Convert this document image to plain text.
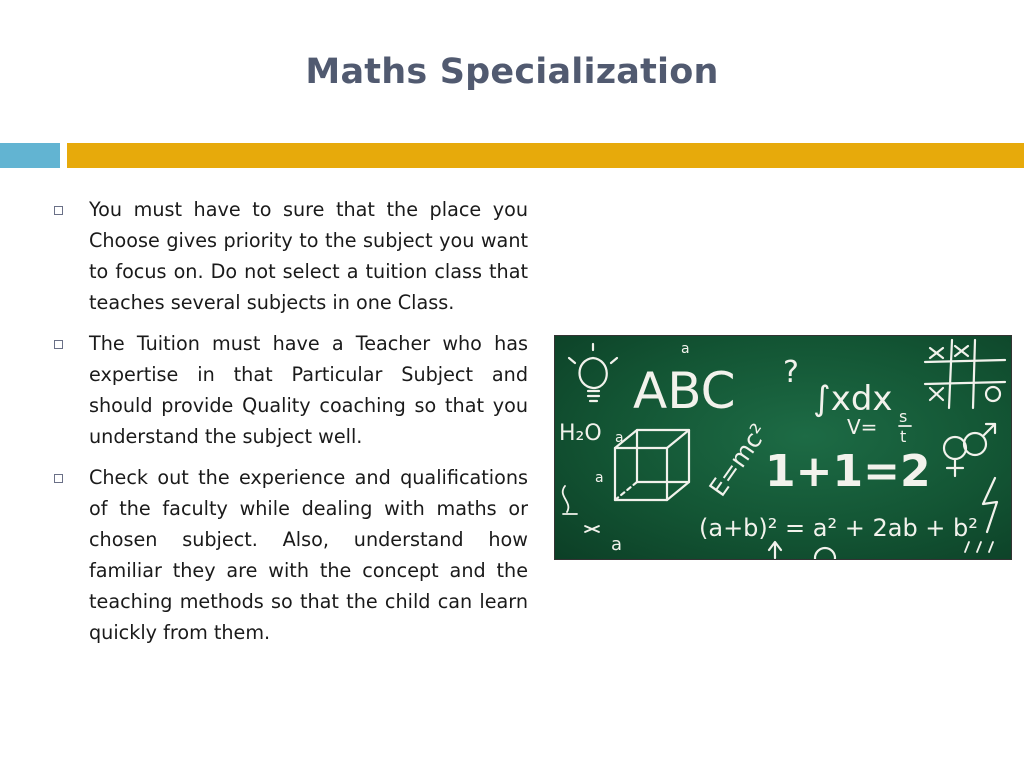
Maths Specialization
You must have to sure that the place you Choose gives priority to the subject you want to focus on. Do not select a tuition class that teaches several subjects in one Class.
The Tuition must have a Teacher who has expertise in that Particular Subject and should provide Quality coaching so that you understand the subject well.
Check out the experience and qualifications of the faculty while dealing with maths or chosen subject. Also, understand how familiar they are with the concept and the teaching methods so that the child can learn quickly from them.
a
ABC ?
∫xdx
V= s
t
H₂O a
a
a
E=mc²
1+1=2
(a+b)² = a² + 2ab + b²
